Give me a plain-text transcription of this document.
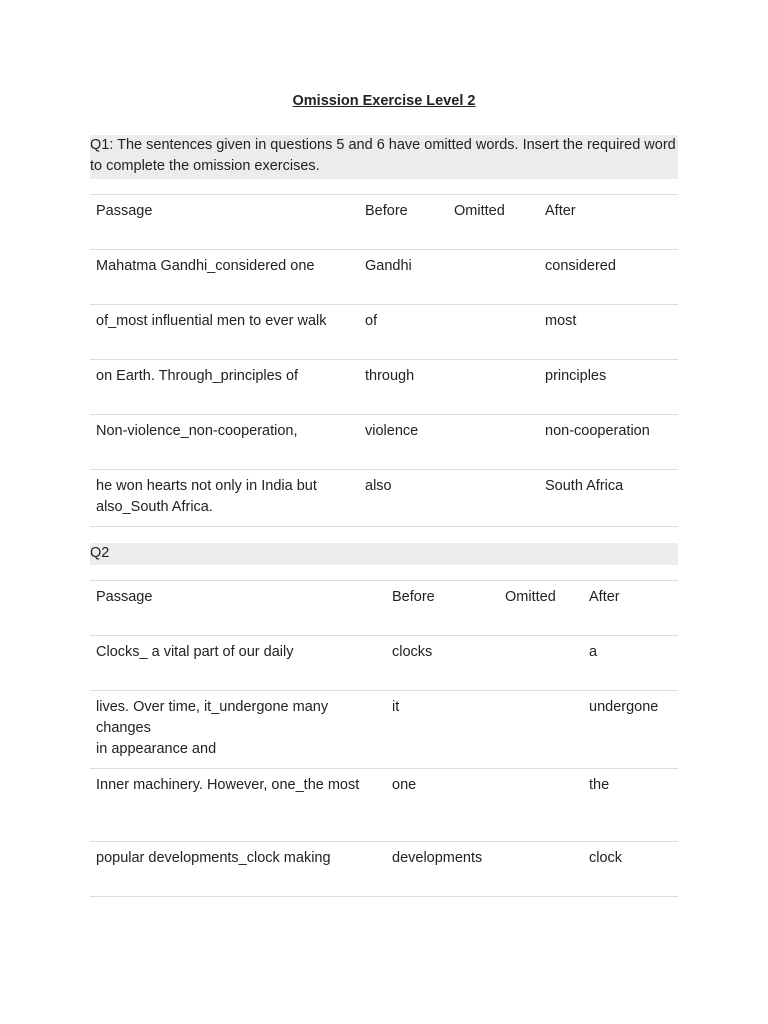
Omission Exercise Level 2
Q1: The sentences given in questions 5 and 6 have omitted words. Insert the required word to complete the omission exercises.
Passage	Before	Omitted	After
Mahatma Gandhi_considered one	Gandhi		considered
of_most influential men to ever walk	of		most
on Earth. Through_principles of	through		principles
Non-violence_non-cooperation,	violence		non-cooperation
he won hearts not only in India but also_South Africa.	also		South Africa
Q2
Passage	Before	Omitted	After
Clocks_ a vital part of our daily	clocks		a
lives. Over time, it_undergone many changes
in appearance and	it		undergone
Inner machinery. However, one_the most	one		the
popular developments_clock making	developments		clock
